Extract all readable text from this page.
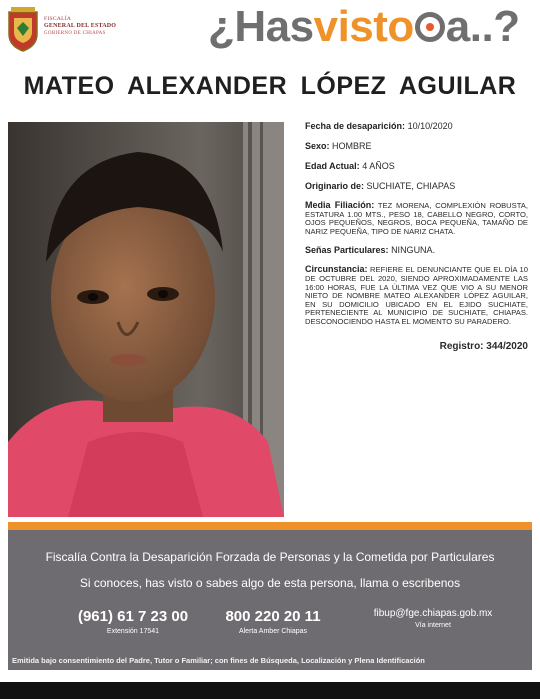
FISCALÍA
GENERAL DEL ESTADO
GOBIERNO DE CHIAPAS ¿Hasvisto a..?
MATEO ALEXANDER LÓPEZ AGUILAR
Fecha de desaparición: 10/10/2020
Sexo: HOMBRE
Edad Actual: 4 AÑOS
Originario de: SUCHIATE, CHIAPAS
Media Filiación: TEZ MORENA, COMPLEXIÓN ROBUSTA, ESTATURA 1.00 MTS., PESO 18, CABELLO NEGRO, CORTO, OJOS PEQUEÑOS, NEGROS, BOCA PEQUEÑA, TAMAÑO DE NARIZ PEQUEÑA, TIPO DE NARIZ CHATA.
Señas Particulares: NINGUNA.
Circunstancia: REFIERE EL DENUNCIANTE QUE EL DÍA 10 DE OCTUBRE DEL 2020, SIENDO APROXIMADAMENTE LAS 16:00 HORAS, FUE LA ÚLTIMA VEZ QUE VIO A SU MENOR NIETO DE NOMBRE MATEO ALEXANDER LÓPEZ AGUILAR, EN SU DOMICILIO UBICADO EN EL EJIDO SUCHIATE, PERTENECIENTE AL MUNICIPIO DE SUCHIATE, CHIAPAS. DESCONOCIENDO HASTA EL MOMENTO SU PARADERO.
Registro: 344/2020
Fiscalía Contra la Desaparición Forzada de Personas y la Cometida por Particulares
Si conoces, has visto o sabes algo de esta persona, llama o escribenos
(961) 61 7 23 00
Extensión 17541
800 220 20 11
Alerta Amber Chiapas
fibup@fge.chiapas.gob.mx
Vía internet
Emitida bajo consentimiento del Padre, Tutor o Familiar; con fines de Búsqueda, Localización y Plena Identificación
